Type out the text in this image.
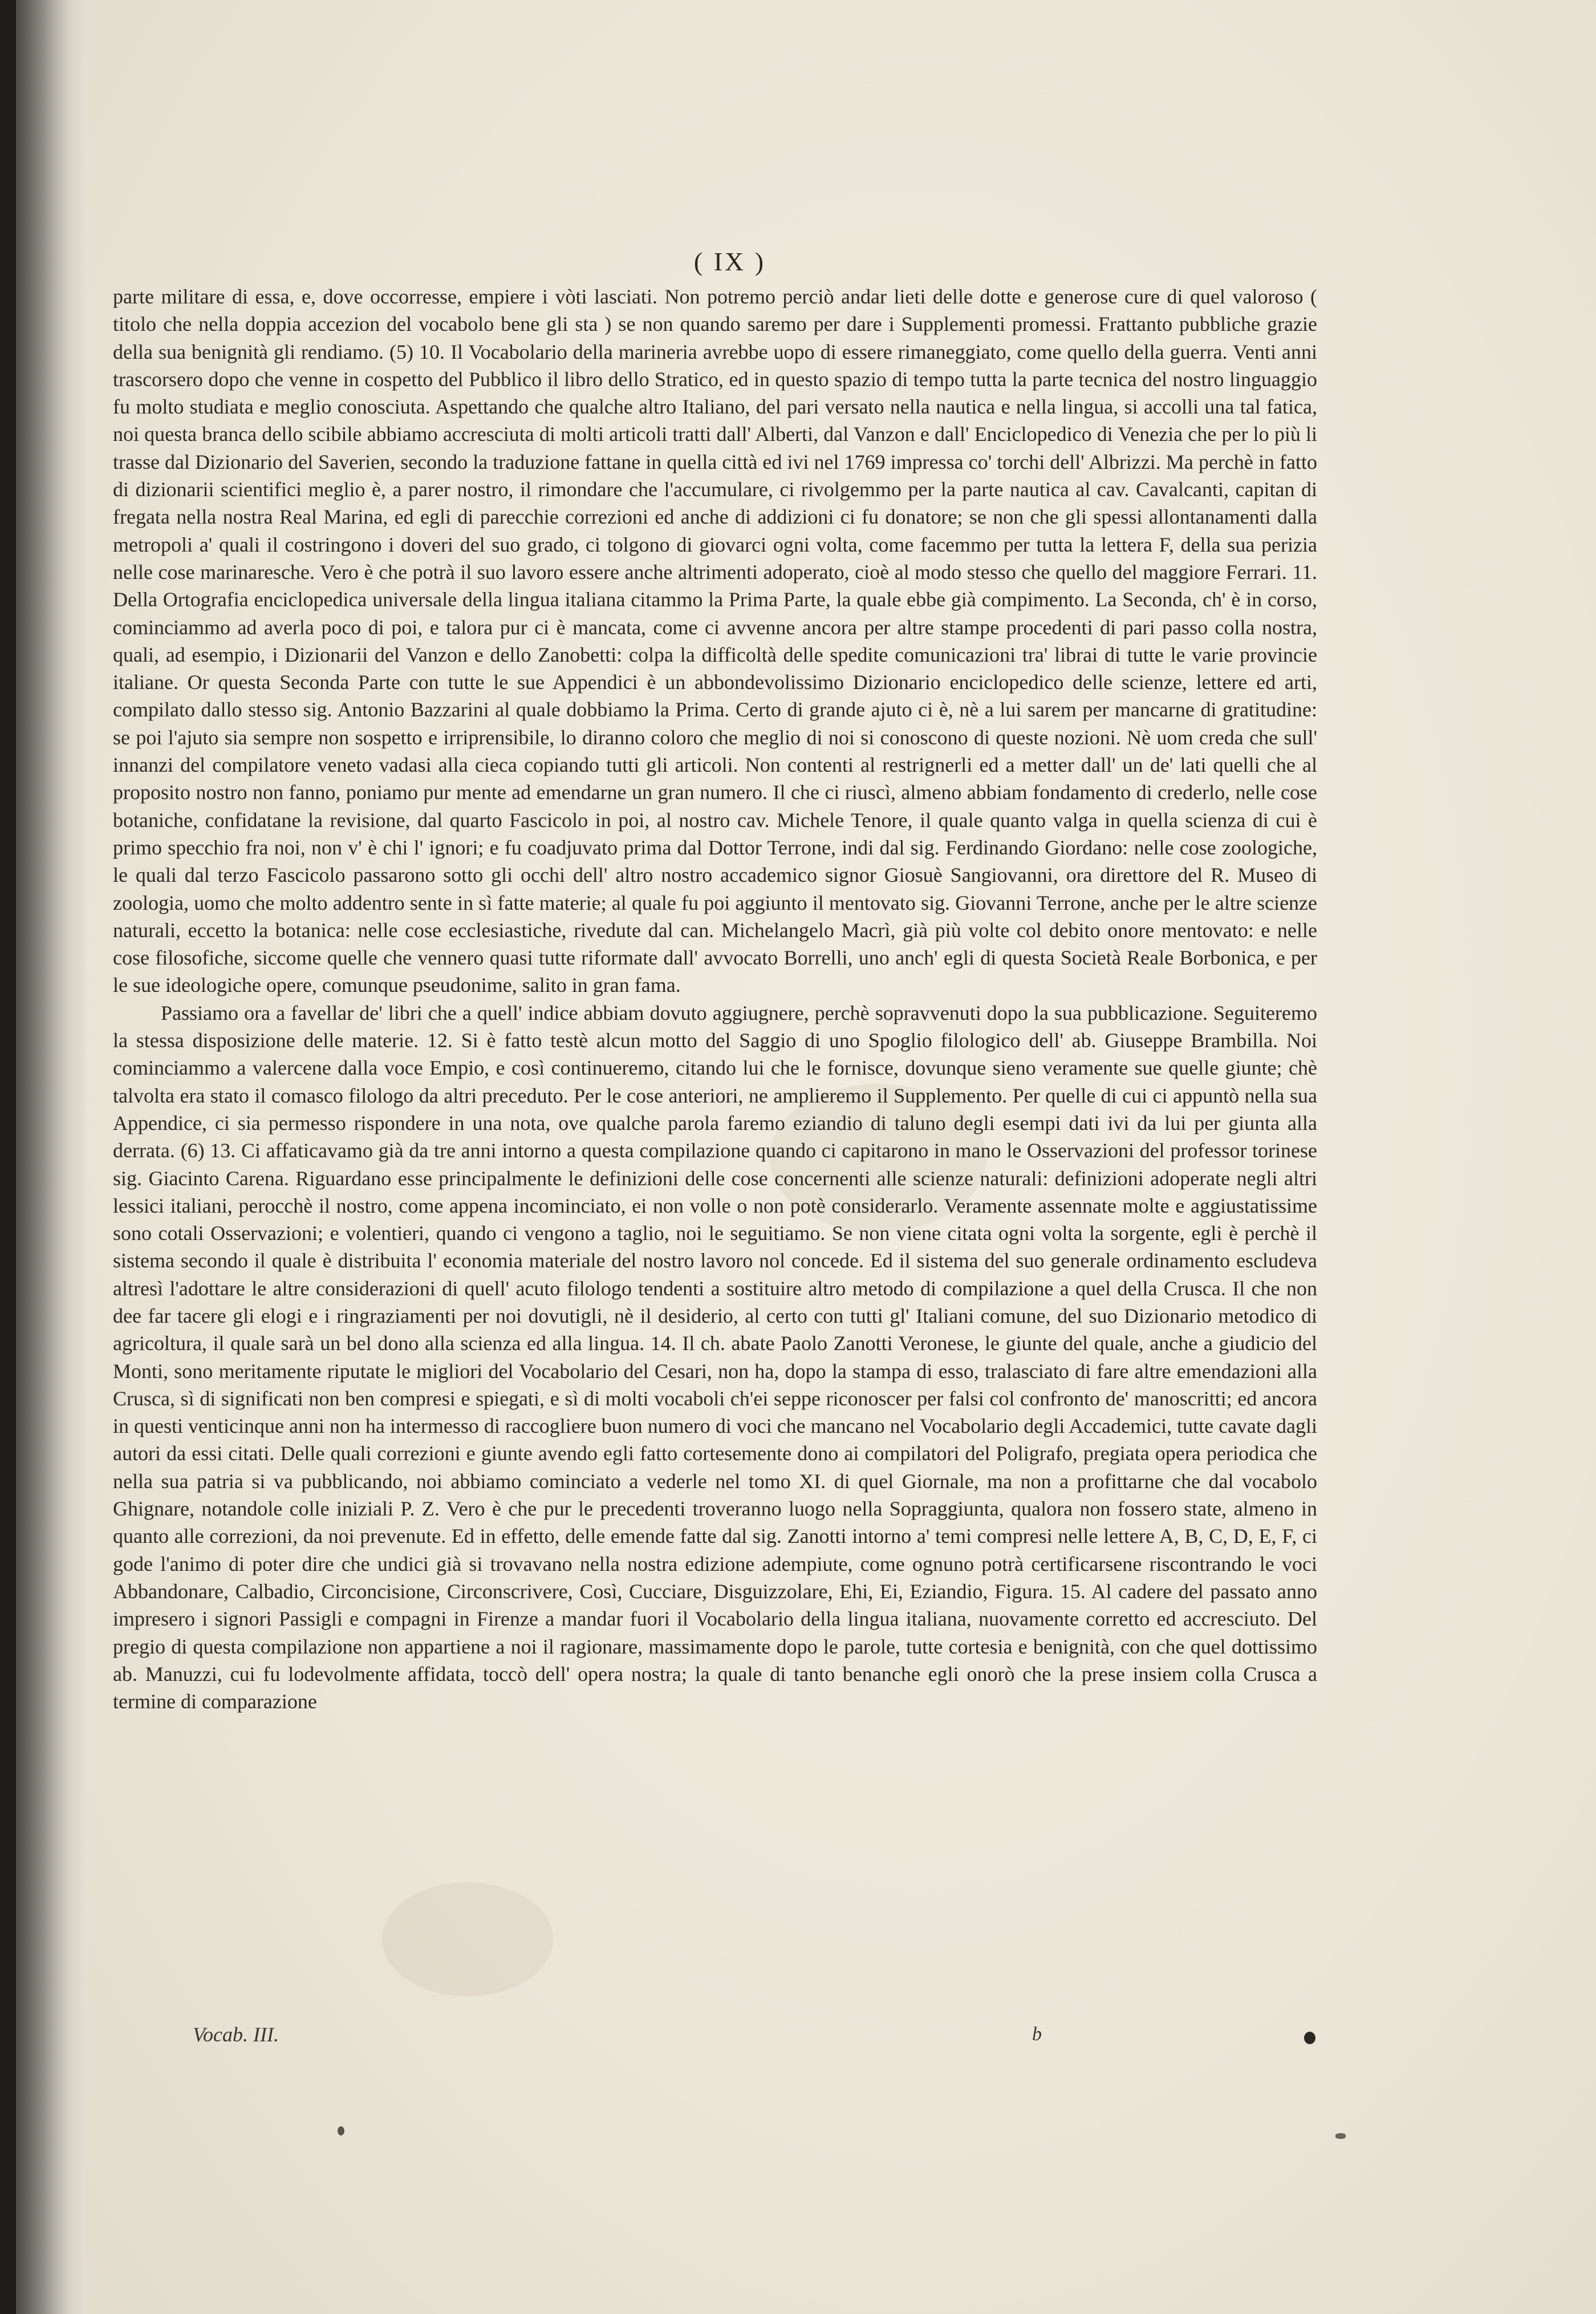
( IX )

parte militare di essa, e, dove occorresse, empiere i vòti lasciati. Non potremo perciò andar lieti delle dotte e generose cure di quel valoroso ( titolo che nella doppia accezion del vocabolo bene gli sta ) se non quando saremo per dare i Supplementi promessi. Frattanto pubbliche grazie della sua benignità gli rendiamo. (5) 10. Il Vocabolario della marineria avrebbe uopo di essere rimaneggiato, come quello della guerra. Venti anni trascorsero dopo che venne in cospetto del Pubblico il libro dello Stratico, ed in questo spazio di tempo tutta la parte tecnica del nostro linguaggio fu molto studiata e meglio conosciuta. Aspettando che qualche altro Italiano, del pari versato nella nautica e nella lingua, si accolli una tal fatica, noi questa branca dello scibile abbiamo accresciuta di molti articoli tratti dall' Alberti, dal Vanzon e dall' Enciclopedico di Venezia che per lo più li trasse dal Dizionario del Saverien, secondo la traduzione fattane in quella città ed ivi nel 1769 impressa co' torchi dell' Albrizzi. Ma perchè in fatto di dizionarii scientifici meglio è, a parer nostro, il rimondare che l'accumulare, ci rivolgemmo per la parte nautica al cav. Cavalcanti, capitan di fregata nella nostra Real Marina, ed egli di parecchie correzioni ed anche di addizioni ci fu donatore; se non che gli spessi allontanamenti dalla metropoli a' quali il costringono i doveri del suo grado, ci tolgono di giovarci ogni volta, come facemmo per tutta la lettera F, della sua perizia nelle cose marinaresche. Vero è che potrà il suo lavoro essere anche altrimenti adoperato, cioè al modo stesso che quello del maggiore Ferrari. 11. Della Ortografia enciclopedica universale della lingua italiana citammo la Prima Parte, la quale ebbe già compimento. La Seconda, ch' è in corso, cominciammo ad averla poco di poi, e talora pur ci è mancata, come ci avvenne ancora per altre stampe procedenti di pari passo colla nostra, quali, ad esempio, i Dizionarii del Vanzon e dello Zanobetti: colpa la difficoltà delle spedite comunicazioni tra' librai di tutte le varie provincie italiane. Or questa Seconda Parte con tutte le sue Appendici è un abbondevolissimo Dizionario enciclopedico delle scienze, lettere ed arti, compilato dallo stesso sig. Antonio Bazzarini al quale dobbiamo la Prima. Certo di grande ajuto ci è, nè a lui sarem per mancarne di gratitudine: se poi l'ajuto sia sempre non sospetto e irriprensibile, lo diranno coloro che meglio di noi si conoscono di queste nozioni. Nè uom creda che sull' innanzi del compilatore veneto vadasi alla cieca copiando tutti gli articoli. Non contenti al restrignerli ed a metter dall' un de' lati quelli che al proposito nostro non fanno, poniamo pur mente ad emendarne un gran numero. Il che ci riuscì, almeno abbiam fondamento di crederlo, nelle cose botaniche, confidatane la revisione, dal quarto Fascicolo in poi, al nostro cav. Michele Tenore, il quale quanto valga in quella scienza di cui è primo specchio fra noi, non v' è chi l' ignori; e fu coadjuvato prima dal Dottor Terrone, indi dal sig. Ferdinando Giordano: nelle cose zoologiche, le quali dal terzo Fascicolo passarono sotto gli occhi dell' altro nostro accademico signor Giosuè Sangiovanni, ora direttore del R. Museo di zoologia, uomo che molto addentro sente in sì fatte materie; al quale fu poi aggiunto il mentovato sig. Giovanni Terrone, anche per le altre scienze naturali, eccetto la botanica: nelle cose ecclesiastiche, rivedute dal can. Michelangelo Macrì, già più volte col debito onore mentovato: e nelle cose filosofiche, siccome quelle che vennero quasi tutte riformate dall' avvocato Borrelli, uno anch' egli di questa Società Reale Borbonica, e per le sue ideologiche opere, comunque pseudonime, salito in gran fama.

Passiamo ora a favellar de' libri che a quell' indice abbiam dovuto aggiugnere, perchè sopravvenuti dopo la sua pubblicazione. Seguiteremo la stessa disposizione delle materie. 12. Si è fatto testè alcun motto del Saggio di uno Spoglio filologico dell' ab. Giuseppe Brambilla. Noi cominciammo a valercene dalla voce Empio, e così continueremo, citando lui che le fornisce, dovunque sieno veramente sue quelle giunte; chè talvolta era stato il comasco filologo da altri preceduto. Per le cose anteriori, ne amplieremo il Supplemento. Per quelle di cui ci appuntò nella sua Appendice, ci sia permesso rispondere in una nota, ove qualche parola faremo eziandio di taluno degli esempi dati ivi da lui per giunta alla derrata. (6) 13. Ci affaticavamo già da tre anni intorno a questa compilazione quando ci capitarono in mano le Osservazioni del professor torinese sig. Giacinto Carena. Riguardano esse principalmente le definizioni delle cose concernenti alle scienze naturali: definizioni adoperate negli altri lessici italiani, perocchè il nostro, come appena incominciato, ei non volle o non potè considerarlo. Veramente assennate molte e aggiustatissime sono cotali Osservazioni; e volentieri, quando ci vengono a taglio, noi le seguitiamo. Se non viene citata ogni volta la sorgente, egli è perchè il sistema secondo il quale è distribuita l' economia materiale del nostro lavoro nol concede. Ed il sistema del suo generale ordinamento escludeva altresì l'adottare le altre considerazioni di quell' acuto filologo tendenti a sostituire altro metodo di compilazione a quel della Crusca. Il che non dee far tacere gli elogi e i ringraziamenti per noi dovutigli, nè il desiderio, al certo con tutti gl' Italiani comune, del suo Dizionario metodico di agricoltura, il quale sarà un bel dono alla scienza ed alla lingua. 14. Il ch. abate Paolo Zanotti Veronese, le giunte del quale, anche a giudicio del Monti, sono meritamente riputate le migliori del Vocabolario del Cesari, non ha, dopo la stampa di esso, tralasciato di fare altre emendazioni alla Crusca, sì di significati non ben compresi e spiegati, e sì di molti vocaboli ch'ei seppe riconoscer per falsi col confronto de' manoscritti; ed ancora in questi venticinque anni non ha intermesso di raccogliere buon numero di voci che mancano nel Vocabolario degli Accademici, tutte cavate dagli autori da essi citati. Delle quali correzioni e giunte avendo egli fatto cortesemente dono ai compilatori del Poligrafo, pregiata opera periodica che nella sua patria si va pubblicando, noi abbiamo cominciato a vederle nel tomo XI. di quel Giornale, ma non a profittarne che dal vocabolo Ghignare, notandole colle iniziali P. Z. Vero è che pur le precedenti troveranno luogo nella Sopraggiunta, qualora non fossero state, almeno in quanto alle correzioni, da noi prevenute. Ed in effetto, delle emende fatte dal sig. Zanotti intorno a' temi compresi nelle lettere A, B, C, D, E, F, ci gode l'animo di poter dire che undici già si trovavano nella nostra edizione adempiute, come ognuno potrà certificarsene riscontrando le voci Abbandonare, Calbadio, Circoncisione, Circonscrivere, Così, Cucciare, Disguizzolare, Ehi, Ei, Eziandio, Figura. 15. Al cadere del passato anno impresero i signori Passigli e compagni in Firenze a mandar fuori il Vocabolario della lingua italiana, nuovamente corretto ed accresciuto. Del pregio di questa compilazione non appartiene a noi il ragionare, massimamente dopo le parole, tutte cortesia e benignità, con che quel dottissimo ab. Manuzzi, cui fu lodevolmente affidata, toccò dell' opera nostra; la quale di tanto benanche egli onorò che la prese insiem colla Crusca a termine di comparazione

Vocab. III.	b
